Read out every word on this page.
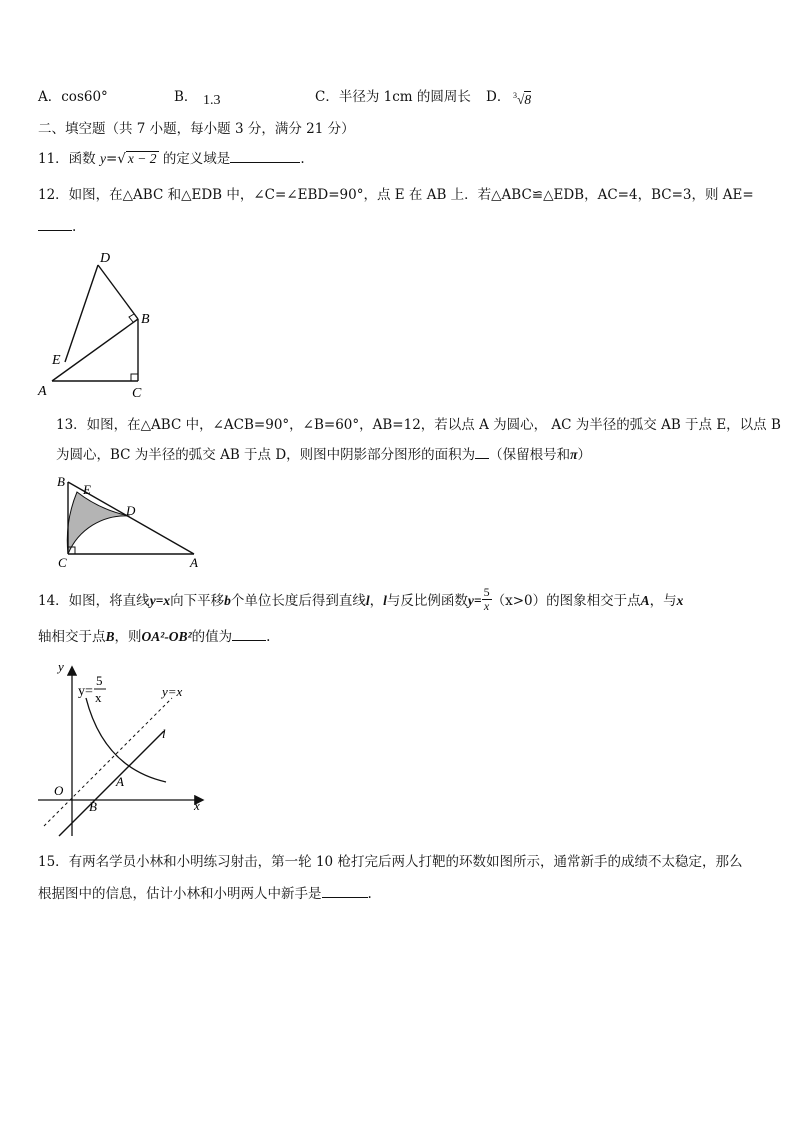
A．cos60°	B． 1.3	C．半径为 1cm 的圆周长 D． $^3$√8
二、填空题（共 7 小题，每小题 3 分，满分 21 分）
11．函数 y=√ x − 2 的定义域是	.
12．如图，在△ABC 和△EDB 中，∠C=∠EBD=90°，点 E 在 AB 上．若△ABC≌△EDB，AC=4，BC=3，则 AE=
.
D
B
E
A	C
13．如图，在△ABC 中，∠ACB=90°，∠B=60°，AB=12，若以点 A 为圆心， AC 为半径的弧交 AB 于点 E，以点 B
为圆心，BC 为半径的弧交 AB 于点 D，则图中阴影部分图形的面积为 （保留根号和π）
B
E
D
C	A
14．如图，将直线y=x向下平移b个单位长度后得到直线l，l与反比例函数$y= \frac{5}{x} (x>0)$的图象相交于点A，与x
轴相交于点B，则OA²-OB²的值为	.
y
x
O
A
B
l
y=
5
x	y=x
15．有两名学员小林和小明练习射击，第一轮 10 枪打完后两人打靶的环数如图所示，通常新手的成绩不太稳定，那么
根据图中的信息，估计小林和小明两人中新手是	.
